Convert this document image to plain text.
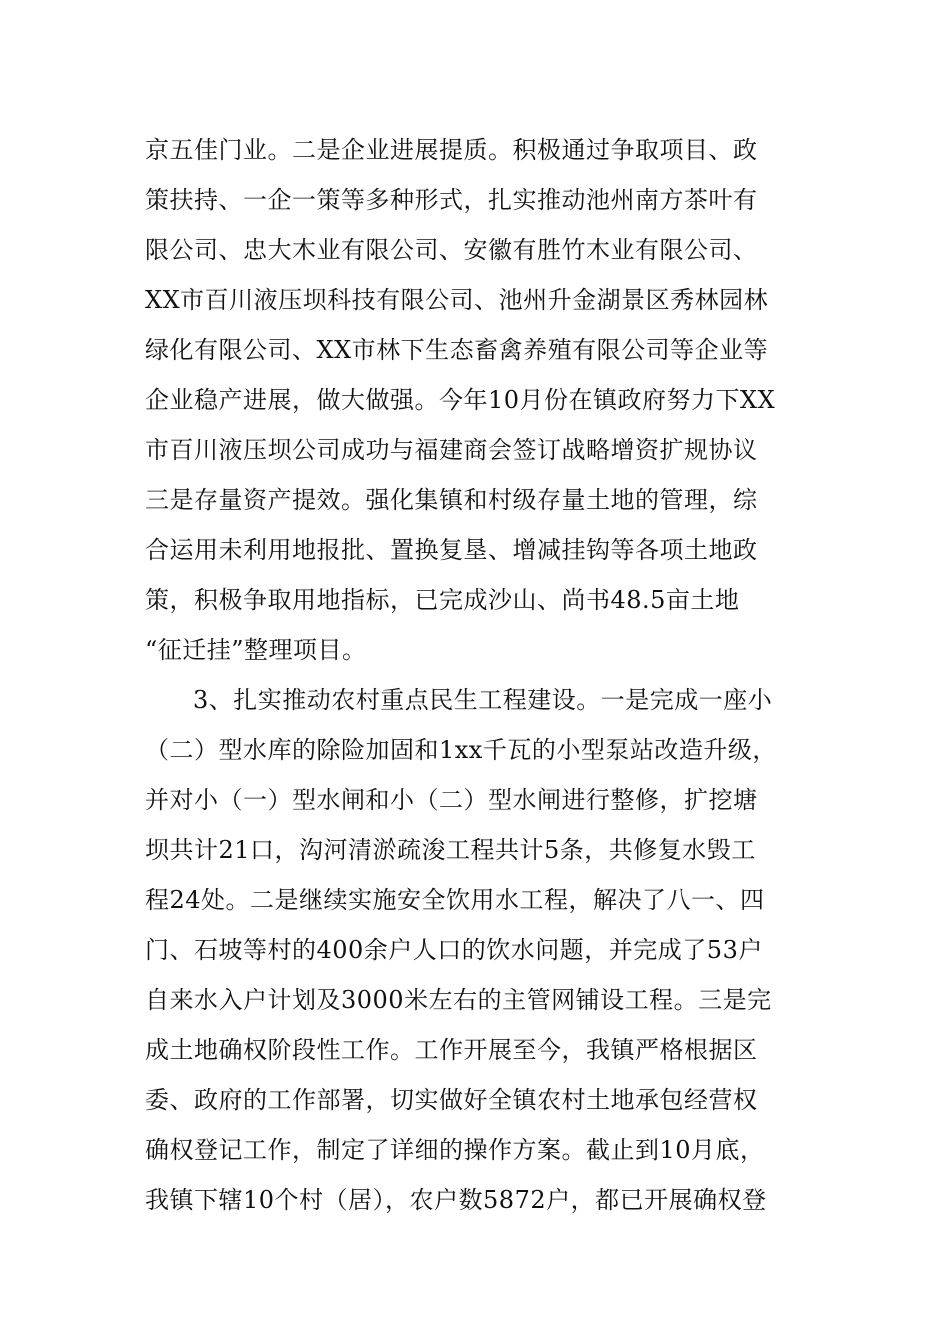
京五佳门业。二是企业进展提质。积极通过争取项目、政
策扶持、一企一策等多种形式，扎实推动池州南方茶叶有
限公司、忠大木业有限公司、安徽有胜竹木业有限公司、
XX市百川液压坝科技有限公司、池州升金湖景区秀林园林
绿化有限公司、XX市林下生态畜禽养殖有限公司等企业等
企业稳产进展，做大做强。今年10月份在镇政府努力下XX
市百川液压坝公司成功与福建商会签订战略增资扩规协议
三是存量资产提效。强化集镇和村级存量土地的管理，综
合运用未利用地报批、置换复垦、增减挂钩等各项土地政
策，积极争取用地指标，已完成沙山、尚书48.5亩土地
“征迁挂”整理项目。
3、扎实推动农村重点民生工程建设。一是完成一座小
（二）型水库的除险加固和1xx千瓦的小型泵站改造升级，
并对小（一）型水闸和小（二）型水闸进行整修，扩挖塘
坝共计21口，沟河清淤疏浚工程共计5条，共修复水毁工
程24处。二是继续实施安全饮用水工程，解决了八一、四
门、石坡等村的400余户人口的饮水问题，并完成了53户
自来水入户计划及3000米左右的主管网铺设工程。三是完
成土地确权阶段性工作。工作开展至今，我镇严格根据区
委、政府的工作部署，切实做好全镇农村土地承包经营权
确权登记工作，制定了详细的操作方案。截止到10月底，
我镇下辖10个村（居），农户数5872户，都已开展确权登
